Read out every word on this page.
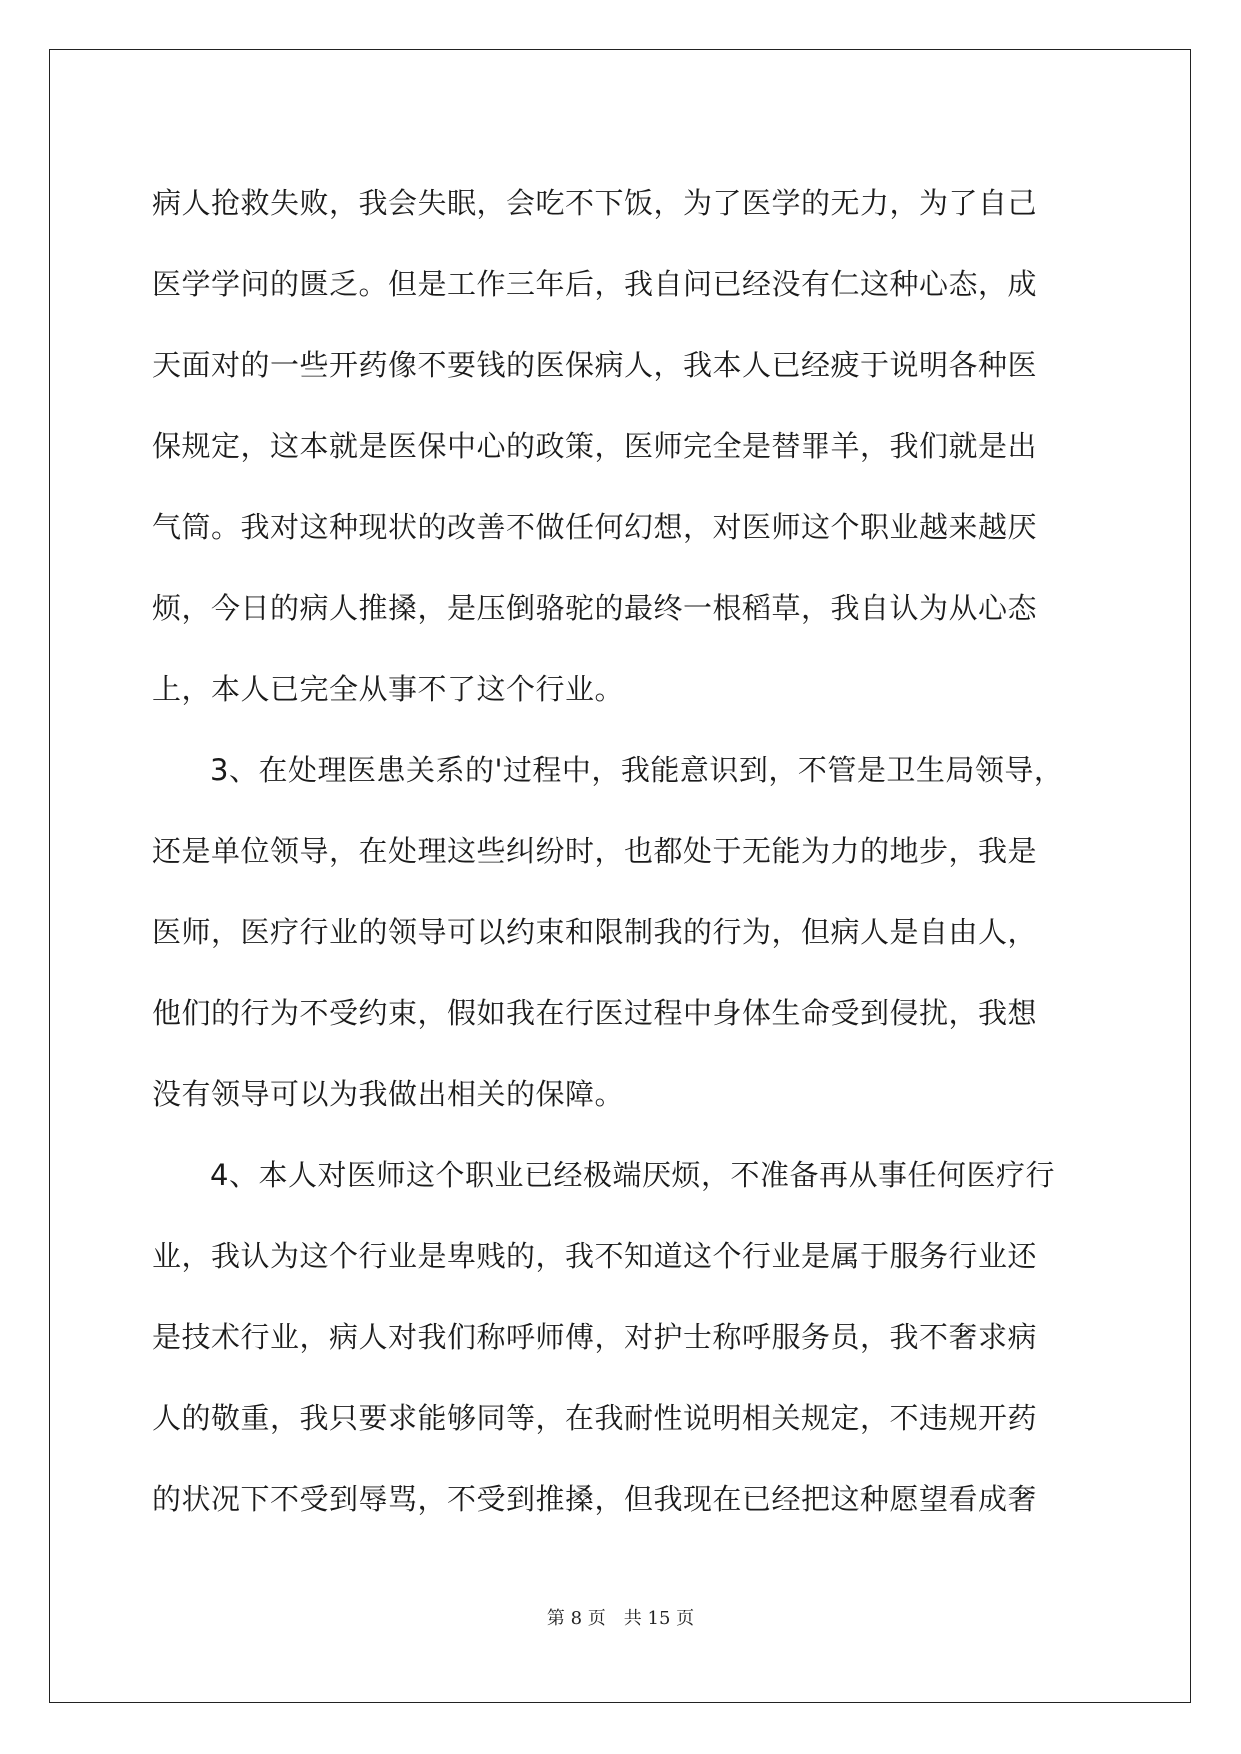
病人抢救失败，我会失眠，会吃不下饭，为了医学的无力，为了自己
医学学问的匮乏。但是工作三年后，我自问已经没有仁这种心态，成
天面对的一些开药像不要钱的医保病人，我本人已经疲于说明各种医
保规定，这本就是医保中心的政策，医师完全是替罪羊，我们就是出
气筒。我对这种现状的改善不做任何幻想，对医师这个职业越来越厌
烦，今日的病人推搡，是压倒骆驼的最终一根稻草，我自认为从心态
上，本人已完全从事不了这个行业。
3、在处理医患关系的'过程中，我能意识到，不管是卫生局领导，
还是单位领导，在处理这些纠纷时，也都处于无能为力的地步，我是
医师，医疗行业的领导可以约束和限制我的行为，但病人是自由人，
他们的行为不受约束，假如我在行医过程中身体生命受到侵扰，我想
没有领导可以为我做出相关的保障。
4、本人对医师这个职业已经极端厌烦，不准备再从事任何医疗行
业，我认为这个行业是卑贱的，我不知道这个行业是属于服务行业还
是技术行业，病人对我们称呼师傅，对护士称呼服务员，我不奢求病
人的敬重，我只要求能够同等，在我耐性说明相关规定，不违规开药
的状况下不受到辱骂，不受到推搡，但我现在已经把这种愿望看成奢
第 8 页　共 15 页
